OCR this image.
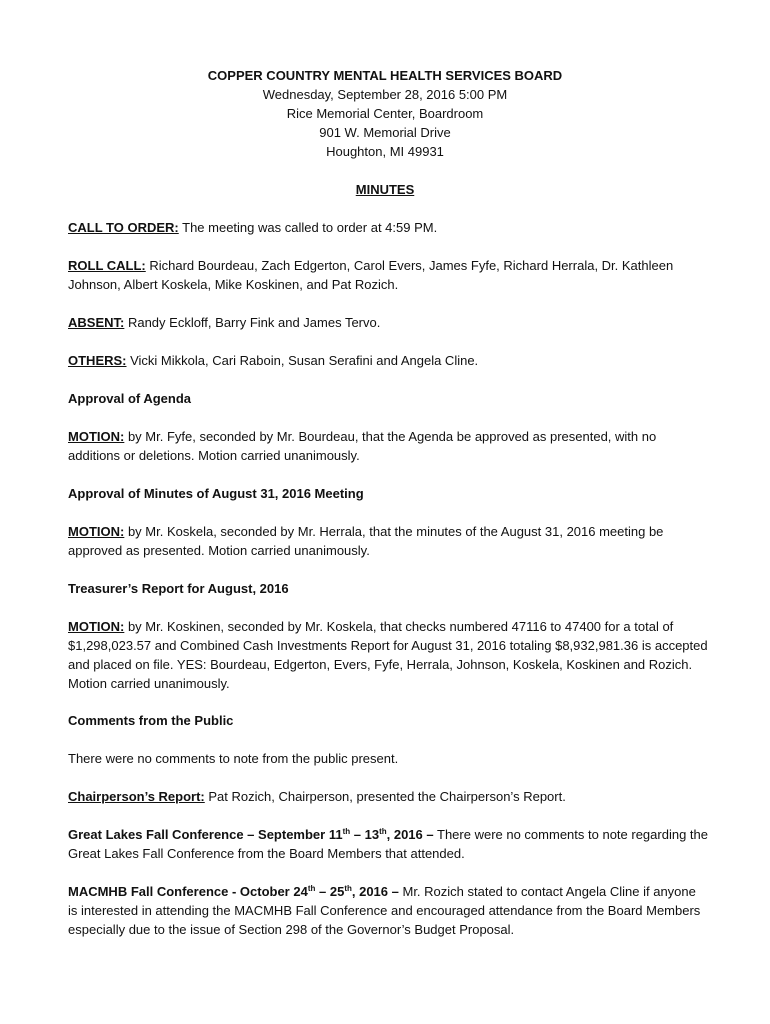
COPPER COUNTRY MENTAL HEALTH SERVICES BOARD
Wednesday, September 28, 2016 5:00 PM
Rice Memorial Center, Boardroom
901 W. Memorial Drive
Houghton, MI 49931
MINUTES

CALL TO ORDER: The meeting was called to order at 4:59 PM.

ROLL CALL: Richard Bourdeau, Zach Edgerton, Carol Evers, James Fyfe, Richard Herrala, Dr. Kathleen Johnson, Albert Koskela, Mike Koskinen, and Pat Rozich.

ABSENT: Randy Eckloff, Barry Fink and James Tervo.

OTHERS: Vicki Mikkola, Cari Raboin, Susan Serafini and Angela Cline.

Approval of Agenda

MOTION: by Mr. Fyfe, seconded by Mr. Bourdeau, that the Agenda be approved as presented, with no additions or deletions. Motion carried unanimously.

Approval of Minutes of August 31, 2016 Meeting

MOTION: by Mr. Koskela, seconded by Mr. Herrala, that the minutes of the August 31, 2016 meeting be approved as presented. Motion carried unanimously.

Treasurer’s Report for August, 2016

MOTION: by Mr. Koskinen, seconded by Mr. Koskela, that checks numbered 47116 to 47400 for a total of $1,298,023.57 and Combined Cash Investments Report for August 31, 2016 totaling $8,932,981.36 is accepted and placed on file. YES: Bourdeau, Edgerton, Evers, Fyfe, Herrala, Johnson, Koskela, Koskinen and Rozich. Motion carried unanimously.

Comments from the Public

There were no comments to note from the public present.

Chairperson’s Report: Pat Rozich, Chairperson, presented the Chairperson’s Report.

Great Lakes Fall Conference – September 11th – 13th, 2016 – There were no comments to note regarding the Great Lakes Fall Conference from the Board Members that attended.

MACMHB Fall Conference - October 24th – 25th, 2016 – Mr. Rozich stated to contact Angela Cline if anyone is interested in attending the MACMHB Fall Conference and encouraged attendance from the Board Members especially due to the issue of Section 298 of the Governor’s Budget Proposal.
